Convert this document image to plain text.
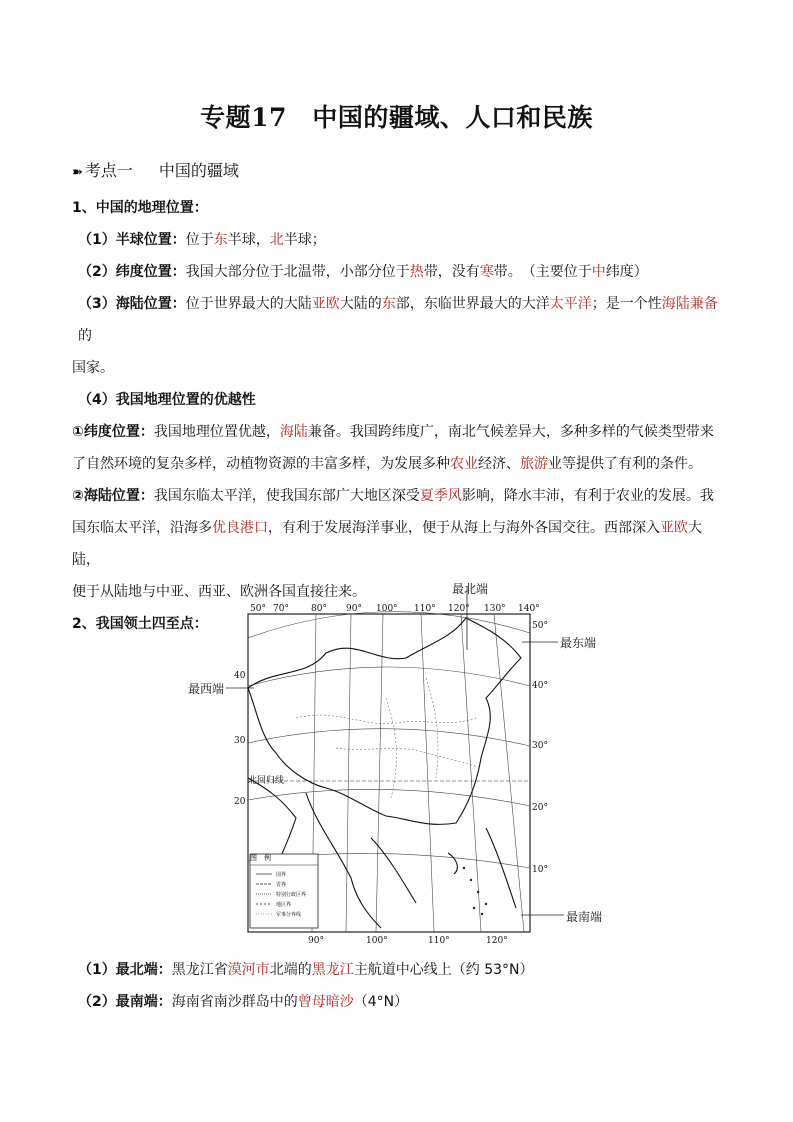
专题17　中国的疆域、人口和民族
➽ 考点一 中国的疆域
1、中国的地理位置：
（1）半球位置：位于东半球，北半球；
（2）纬度位置：我国大部分位于北温带，小部分位于热带，没有寒带。　（主要位于中纬度）
（3）海陆位置：位于世界最大的大陆亚欧大陆的东部，东临世界最大的大洋太平洋；是一个性海陆兼备的
国家。
（4）我国地理位置的优越性
①纬度位置：我国地理位置优越，海陆兼备。我国跨纬度广，南北气候差异大，多种多样的气候类型带来
了自然环境的复杂多样，动植物资源的丰富多样，为发展多种农业经济、旅游业等提供了有利的条件。
②海陆位置：我国东临太平洋，使我国东部广大地区深受夏季风影响，降水丰沛，有利于农业的发展。我
国东临太平洋，沿海多优良港口，有利于发展海洋事业，便于从海上与海外各国交往。西部深入亚欧大陆，
便于从陆地与中亚、西亚、欧洲各国直接往来。
2、我国领土四至点：
图　例
国界
省界
特别行政区界
地区界
军事分界线
北回归线
50° 70° 80° 90° 100° 110° 120° 130° 140°
90°	100°	110°	120°
40
30
20
50°
40°
30°
20°
10°
最北端
最东端
最西端
最南端
（1）最北端：黑龙江省漠河市北端的黑龙江主航道中心线上（约 53°N）
（2）最南端：海南省南沙群岛中的曾母暗沙（4°N）
